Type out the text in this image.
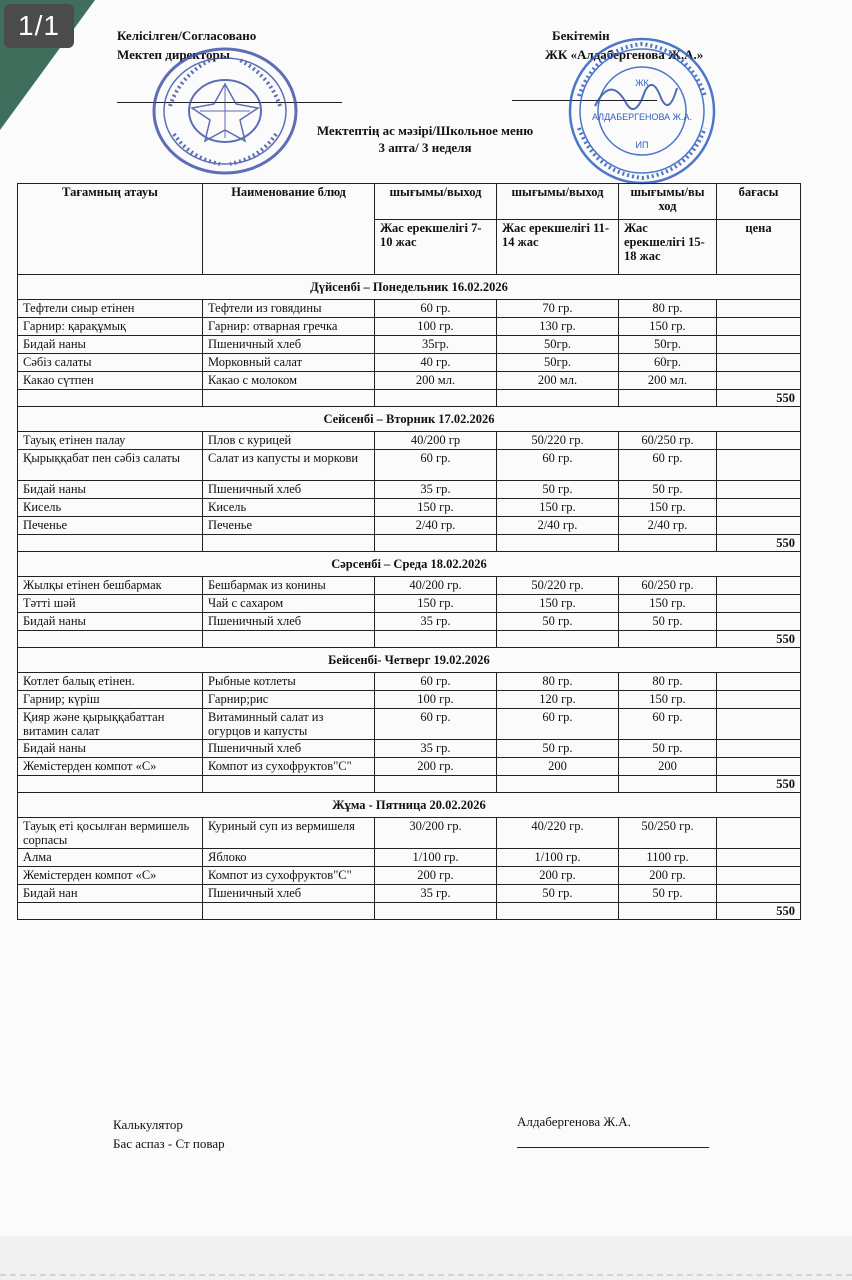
1/1	Келісілген/Согласовано
Мектеп директоры
Бекітемін
ЖК «Алдабергенова Ж.А.»
ЖК
АЛДАБЕРГЕНОВА Ж.А.
ИП
Мектептің ас мәзірі/Школьное меню
3 апта/ 3 неделя
Тағамның атауы	Наименование блюд	шығымы/выход	шығымы/выход	шығымы/вы ход	бағасы
		Жас ерекшелігі 7-10 жас	Жас ерекшелігі 11-14 жас	Жас ерекшелігі 15-18 жас	цена
Дүйсенбі – Понедельник 16.02.2026					
Тефтели сиыр етінен	Тефтели из говядины	60 гр.	70 гр.	80 гр.	
Гарнир: қарақұмық	Гарнир: отварная гречка	100 гр.	130 гр.	150 гр.	
Бидай наны	Пшеничный хлеб	35гр.	50гр.	50гр.	
Сәбіз салаты	Морковный салат	40 гр.	50гр.	60гр.	
Какао сүтпен	Какао с молоком	200 мл.	200 мл.	200 мл.	
					550
Сейсенбі – Вторник 17.02.2026					
Тауық етінен палау	Плов с курицей	40/200 гр	50/220 гр.	60/250 гр.	
Қырыққабат пен сәбіз салаты	Салат из капусты и моркови	60 гр.	60 гр.	60 гр.	
Бидай наны	Пшеничный хлеб	35 гр.	50 гр.	50 гр.	
Кисель	Кисель	150 гр.	150 гр.	150 гр.	
Печенье	Печенье	2/40 гр.	2/40 гр.	2/40 гр.	
					550
Сәрсенбі – Среда 18.02.2026					
Жылқы етінен бешбармак	Бешбармак из конины	40/200 гр.	50/220 гр.	60/250 гр.	
Тәтті шәй	Чай с сахаром	150 гр.	150 гр.	150 гр.	
Бидай наны	Пшеничный хлеб	35 гр.	50 гр.	50 гр.	
					550
Бейсенбі- Четверг 19.02.2026					
Котлет балық етінен.	Рыбные котлеты	60 гр.	80 гр.	80 гр.	
Гарнир; күріш	Гарнир;рис	100 гр.	120 гр.	150 гр.	
Қияр және қырыққабаттан витамин салат	Витаминный салат из огурцов и капусты	60 гр.	60 гр.	60 гр.	
Бидай наны	Пшеничный хлеб	35 гр.	50 гр.	50 гр.	
Жемістерден компот «С»	Компот из сухофруктов"С"	200 гр.	200	200	
					550
Жұма - Пятница 20.02.2026					
Тауық еті қосылған вермишель сорпасы	Куриный суп из вермишеля	30/200 гр.	40/220 гр.	50/250 гр.	
Алма	Яблоко	1/100 гр.	1/100 гр.	1100 гр.	
Жемістерден компот «С»	Компот из сухофруктов"С"	200 гр.	200 гр.	200 гр.	
Бидай нан	Пшеничный хлеб	35 гр.	50 гр.	50 гр.	
					550
Калькулятор
Бас аспаз - Ст повар
Алдабергенова Ж.А.
